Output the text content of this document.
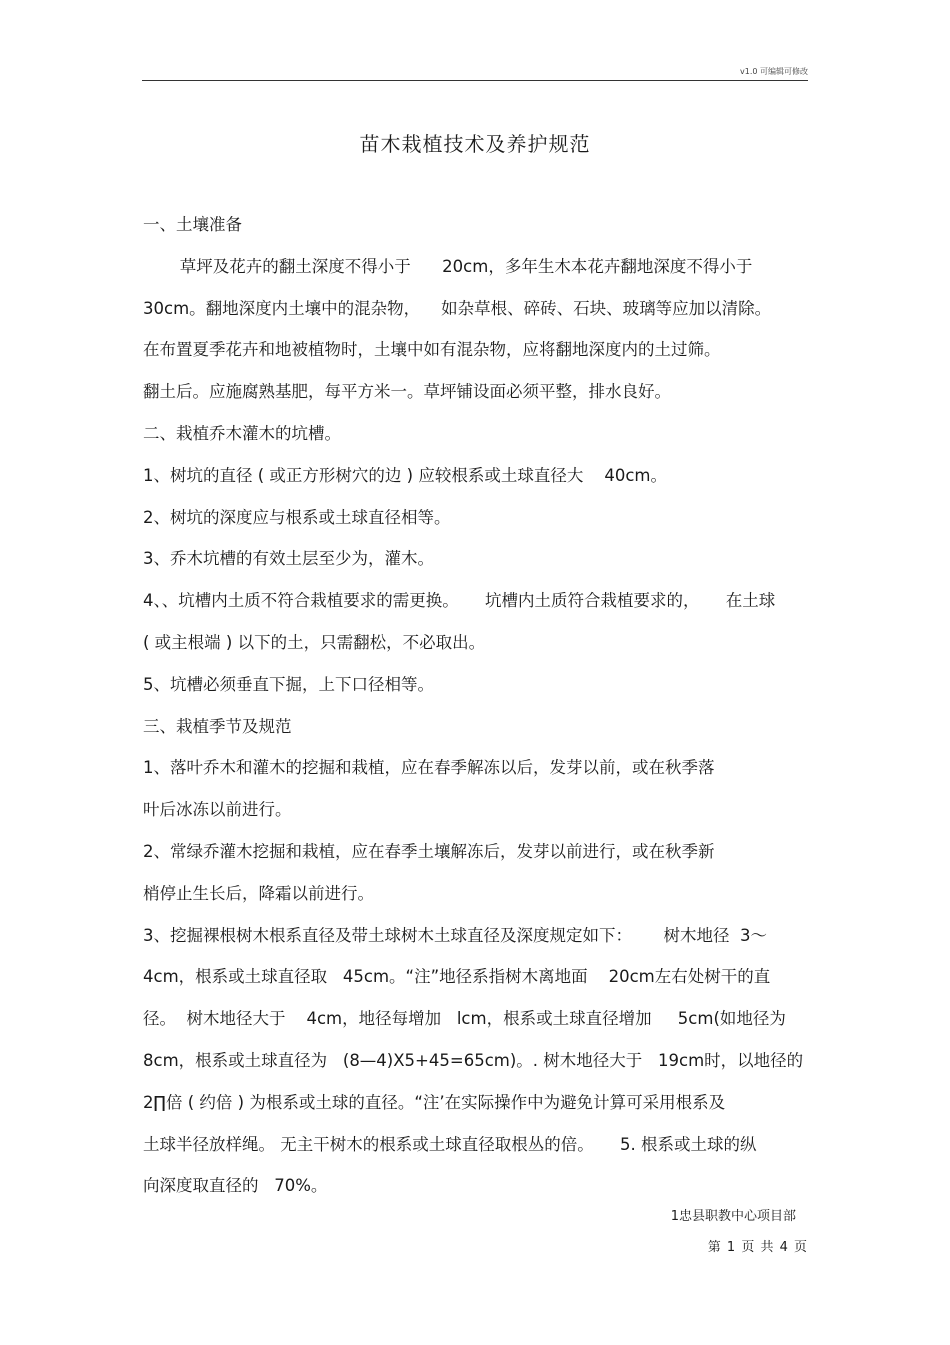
v1.0 可编辑可修改
苗木栽植技术及养护规范
一、土壤准备
草坪及花卉的翻土深度不得小于      20cm，多年生木本花卉翻地深度不得小于
30cm。翻地深度内土壤中的混杂物，    如杂草根、碎砖、石块、玻璃等应加以清除。
在布置夏季花卉和地被植物时，土壤中如有混杂物，应将翻地深度内的土过筛。
翻土后。应施腐熟基肥，每平方米一。草坪铺设面必须平整，排水良好。
二、栽植乔木灌木的坑槽。
1、树坑的直径 ( 或正方形树穴的边 ) 应较根系或土球直径大    40cm。
2、树坑的深度应与根系或土球直径相等。
3、乔木坑槽的有效土层至少为，灌木。
4、、坑槽内土质不符合栽植要求的需更换。     坑槽内土质符合栽植要求的，     在土球
( 或主根端 ) 以下的土，只需翻松，不必取出。
5、坑槽必须垂直下掘，上下口径相等。
三、栽植季节及规范
1、落叶乔木和灌木的挖掘和栽植，应在春季解冻以后，发芽以前，或在秋季落
叶后冰冻以前进行。
2、常绿乔灌木挖掘和栽植，应在春季土壤解冻后，发芽以前进行，或在秋季新
梢停止生长后，降霜以前进行。
3、挖掘裸根树木根系直径及带土球树木土球直径及深度规定如下：      树木地径  3～
4cm，根系或土球直径取   45cm。“注”地径系指树木离地面    20cm左右处树干的直
径。  树木地径大于    4cm，地径每增加   lcm，根系或土球直径增加     5cm(如地径为
8cm，根系或土球直径为   (8—4)X5+45=65cm)。. 树木地径大于   19cm时，以地径的
2∏倍 ( 约倍 ) 为根系或土球的直径。“注’在实际操作中为避免计算可采用根系及
土球半径放样绳。 无主干树木的根系或土球直径取根丛的倍。     5. 根系或土球的纵
向深度取直径的   70%。
1忠县职教中心项目部
第 1 页 共 4 页
